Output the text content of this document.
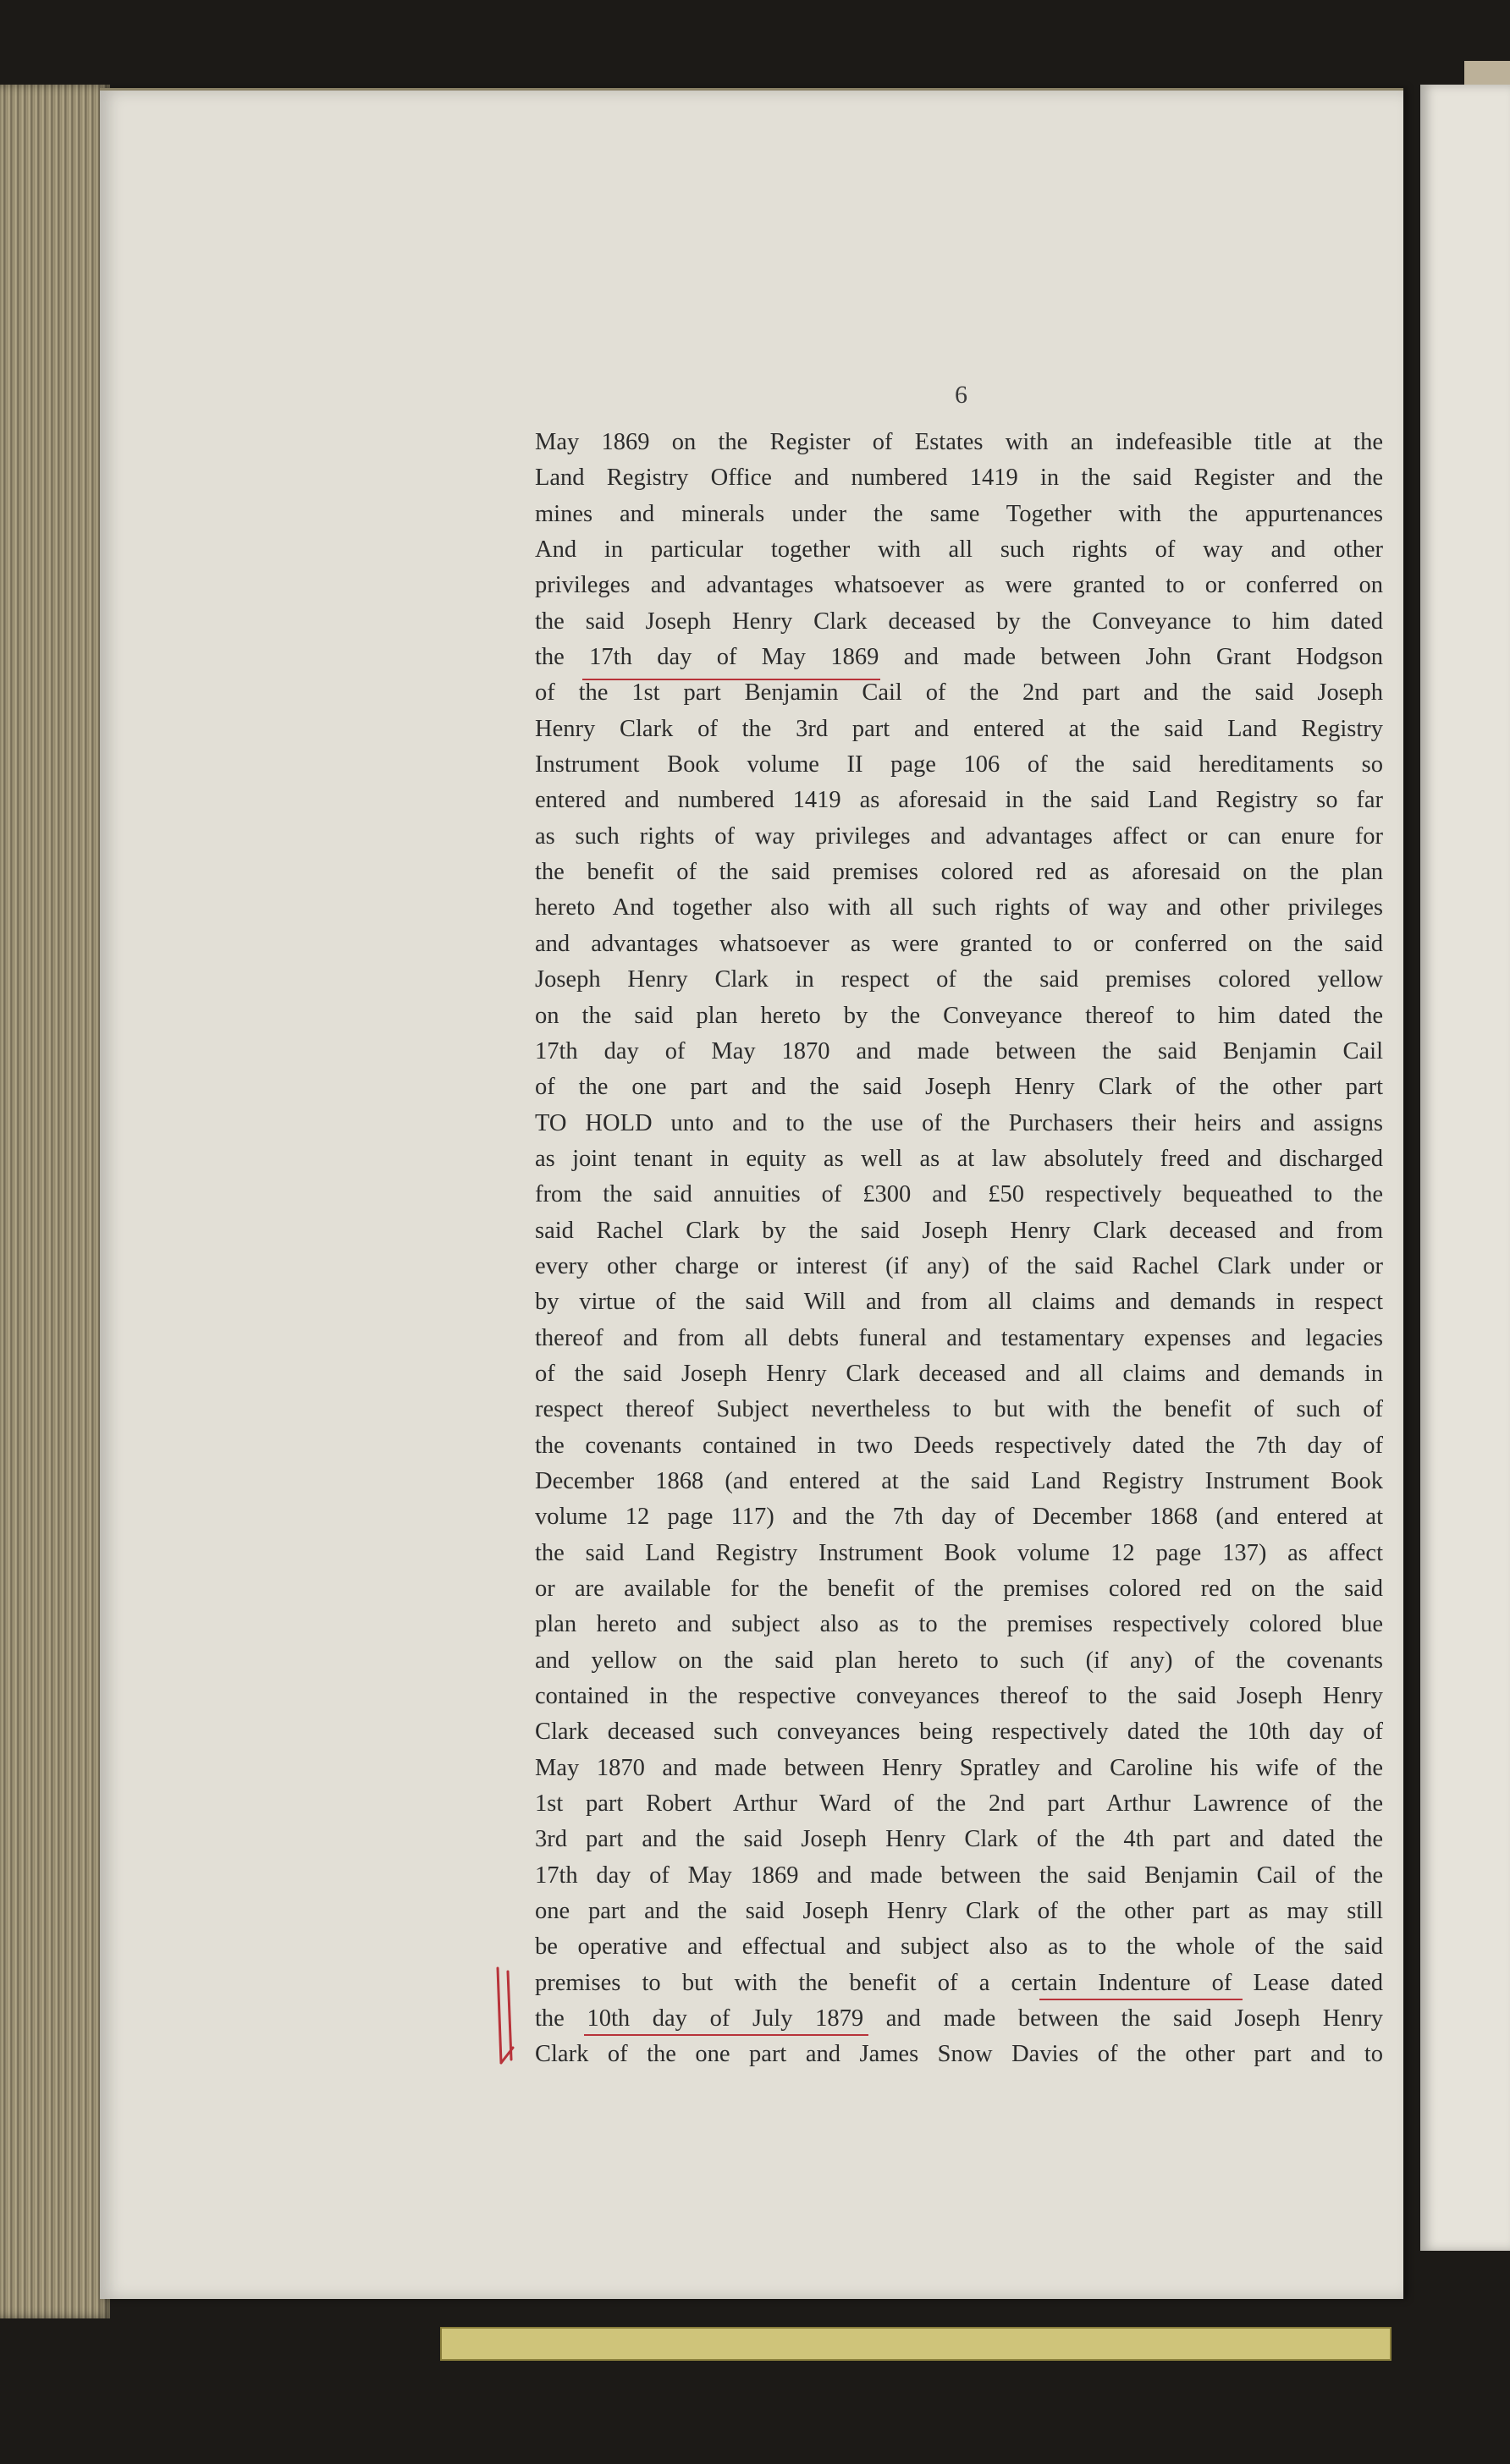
6
May 1869 on the Register of Estates with an indefeasible title at the
Land Registry Office and numbered 1419 in the said Register and the
mines and minerals under the same Together with the appurtenances
And in particular together with all such rights of way and other
privileges and advantages whatsoever as were granted to or conferred on
the said Joseph Henry Clark deceased by the Conveyance to him dated
the 17th day of May 1869 and made between John Grant Hodgson
of the 1st part Benjamin Cail of the 2nd part and the said Joseph
Henry Clark of the 3rd part and entered at the said Land Registry
Instrument Book volume II page 106 of the said hereditaments so
entered and numbered 1419 as aforesaid in the said Land Registry so far
as such rights of way privileges and advantages affect or can enure for
the benefit of the said premises colored red as aforesaid on the plan
hereto And together also with all such rights of way and other privileges
and advantages whatsoever as were granted to or conferred on the said
Joseph Henry Clark in respect of the said premises colored yellow
on the said plan hereto by the Conveyance thereof to him dated the
17th day of May 1870 and made between the said Benjamin Cail
of the one part and the said Joseph Henry Clark of the other part
TO HOLD unto and to the use of the Purchasers their heirs and assigns
as joint tenant in equity as well as at law absolutely freed and discharged
from the said annuities of £300 and £50 respectively bequeathed to the
said Rachel Clark by the said Joseph Henry Clark deceased and from
every other charge or interest (if any) of the said Rachel Clark under or
by virtue of the said Will and from all claims and demands in respect
thereof and from all debts funeral and testamentary expenses and legacies
of the said Joseph Henry Clark deceased and all claims and demands in
respect thereof Subject nevertheless to but with the benefit of such of
the covenants contained in two Deeds respectively dated the 7th day of
December 1868 (and entered at the said Land Registry Instrument Book
volume 12 page 117) and the 7th day of December 1868 (and entered at
the said Land Registry Instrument Book volume 12 page 137) as affect
or are available for the benefit of the premises colored red on the said
plan hereto and subject also as to the premises respectively colored blue
and yellow on the said plan hereto to such (if any) of the covenants
contained in the respective conveyances thereof to the said Joseph Henry
Clark deceased such conveyances being respectively dated the 10th day of
May 1870 and made between Henry Spratley and Caroline his wife of the
1st part Robert Arthur Ward of the 2nd part Arthur Lawrence of the
3rd part and the said Joseph Henry Clark of the 4th part and dated the
17th day of May 1869 and made between the said Benjamin Cail of the
one part and the said Joseph Henry Clark of the other part as may still
be operative and effectual and subject also as to the whole of the said
premises to but with the benefit of a certain Indenture of Lease dated
the 10th day of July 1879 and made between the said Joseph Henry
Clark of the one part and James Snow Davies of the other part and to
